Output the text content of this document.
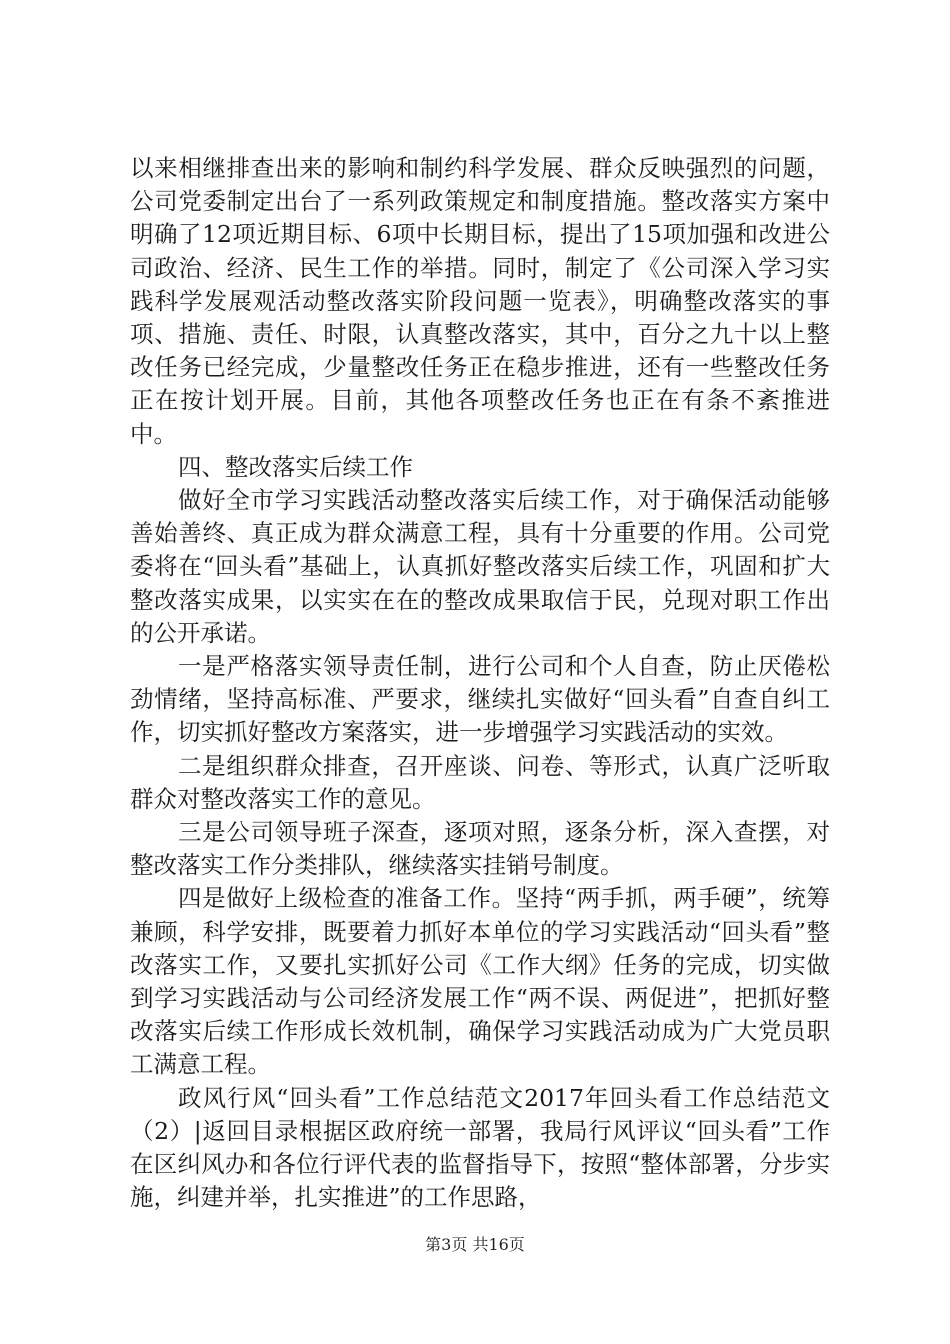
以来相继排查出来的影响和制约科学发展、群众反映强烈的问题，公司党委制定出台了一系列政策规定和制度措施。整改落实方案中明确了12项近期目标、6项中长期目标，提出了15项加强和改进公司政治、经济、民生工作的举措。同时，制定了《公司深入学习实践科学发展观活动整改落实阶段问题一览表》，明确整改落实的事项、措施、责任、时限，认真整改落实，其中，百分之九十以上整改任务已经完成，少量整改任务正在稳步推进，还有一些整改任务正在按计划开展。目前，其他各项整改任务也正在有条不紊推进中。

四、整改落实后续工作

做好全市学习实践活动整改落实后续工作，对于确保活动能够善始善终、真正成为群众满意工程，具有十分重要的作用。公司党委将在“回头看”基础上，认真抓好整改落实后续工作，巩固和扩大整改落实成果，以实实在在的整改成果取信于民，兑现对职工作出的公开承诺。

一是严格落实领导责任制，进行公司和个人自查，防止厌倦松劲情绪，坚持高标准、严要求，继续扎实做好“回头看”自查自纠工作，切实抓好整改方案落实，进一步增强学习实践活动的实效。

二是组织群众排查，召开座谈、问卷、等形式，认真广泛听取群众对整改落实工作的意见。

三是公司领导班子深查，逐项对照，逐条分析，深入查摆，对整改落实工作分类排队，继续落实挂销号制度。

四是做好上级检查的准备工作。坚持“两手抓，两手硬”，统筹兼顾，科学安排，既要着力抓好本单位的学习实践活动“回头看”整改落实工作，又要扎实抓好公司《工作大纲》任务的完成，切实做到学习实践活动与公司经济发展工作“两不误、两促进”，把抓好整改落实后续工作形成长效机制，确保学习实践活动成为广大党员职工满意工程。

政风行风“回头看”工作总结范文2017年回头看工作总结范文（2）|返回目录根据区政府统一部署，我局行风评议“回头看”工作在区纠风办和各位行评代表的监督指导下，按照“整体部署，分步实施，纠建并举，扎实推进”的工作思路，

第3页 共16页
